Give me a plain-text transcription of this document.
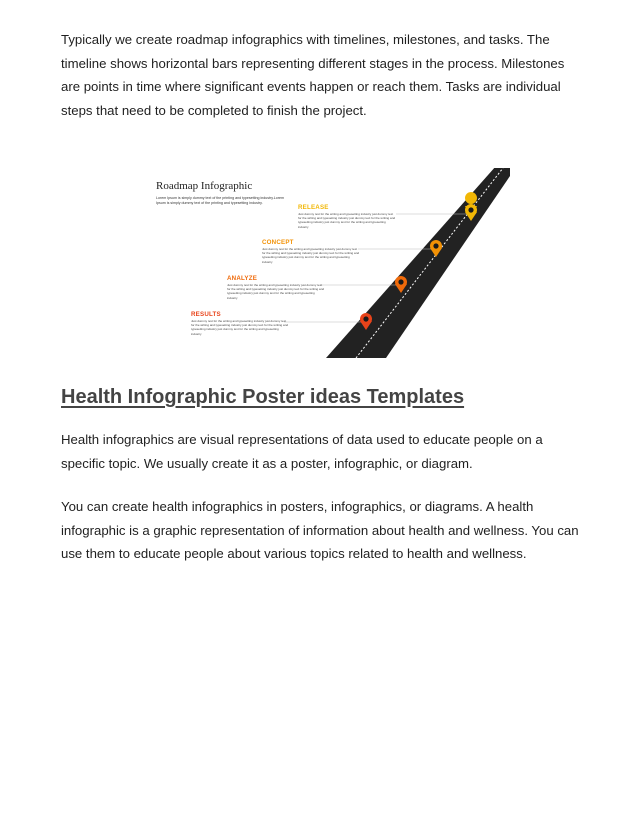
Typically we create roadmap infographics with timelines, milestones, and tasks. The timeline shows horizontal bars representing different stages in the process. Milestones are points in time where significant events happen or reach them. Tasks are individual steps that need to be completed to finish the project.

Roadmap Infographic

Lorem Ipsum is simply dummy text of the printing and typesetting industry.Lorem Ipsum is simply dummy text of the printing and typesetting industry.

RELEASE

Just dummy text for the writing and typesetting industry just dummy text for the writing and typesetting industry just dummy text for the writing and typesetting industry just dummy text for the writing and typesetting industry

CONCEPT

Just dummy text for the writing and typesetting industry just dummy text for the writing and typesetting industry just dummy text for the writing and typesetting industry just dummy text for the writing and typesetting industry

ANALYZE

Just dummy text for the writing and typesetting industry just dummy text for the writing and typesetting industry just dummy text for the writing and typesetting industry just dummy text for the writing and typesetting industry

RESULTS

Just dummy text for the writing and typesetting industry just dummy text for the writing and typesetting industry just dummy text for the writing and typesetting industry just dummy text for the writing and typesetting industry

Health Infographic Poster ideas Templates

Health infographics are visual representations of data used to educate people on a specific topic. We usually create it as a poster, infographic, or diagram.

You can create health infographics in posters, infographics, or diagrams. A health infographic is a graphic representation of information about health and wellness. You can use them to educate people about various topics related to health and wellness.
